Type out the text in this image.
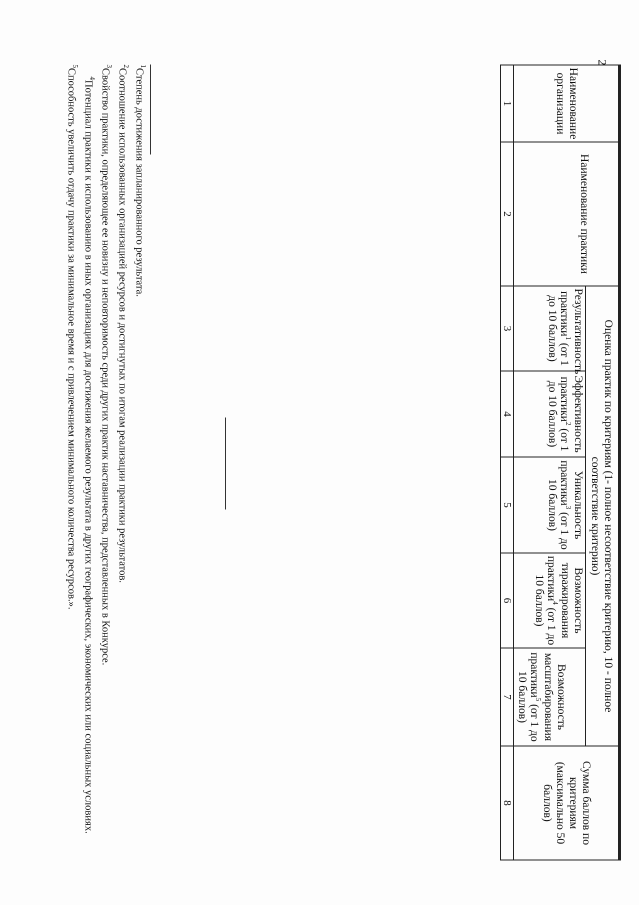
2

Наименование организации	Наименование практики	Оценка практик по критериям (1- полное несоответствие критерию, 10 - полное соответствие критерию)					Сумма баллов по критериям (максимально 50 баллов)
		Результативность практики$^1$ (от 1 до 10 баллов)	Эффективность практики$^2$ (от 1 до 10 баллов)	Уникальность практики$^3$ (от 1 до 10 баллов)	Возможность тиражирования практики$^4$ (от 1 до 10 баллов)	Возможность масштабирования практики$^5$ (от 1 до 10 баллов)	
1	2	3	4	5	6	7	8

$^1$Степень достижения запланированного результата.

$^2$Соотношение использованных организацией ресурсов и достигнутых по итогам реализации практики результатов.

$^3$Свойство практики, определяющее ее новизну и неповторимость среди других практик наставничества, представленных в Конкурсе.

$^4$Потенциал практики к использованию в иных организациях для достижения желаемого результата в других географических, экономических или социальных условиях.

$^5$Способность увеличить отдачу практики за минимальное время и с привлечением минимального количества ресурсов.».
